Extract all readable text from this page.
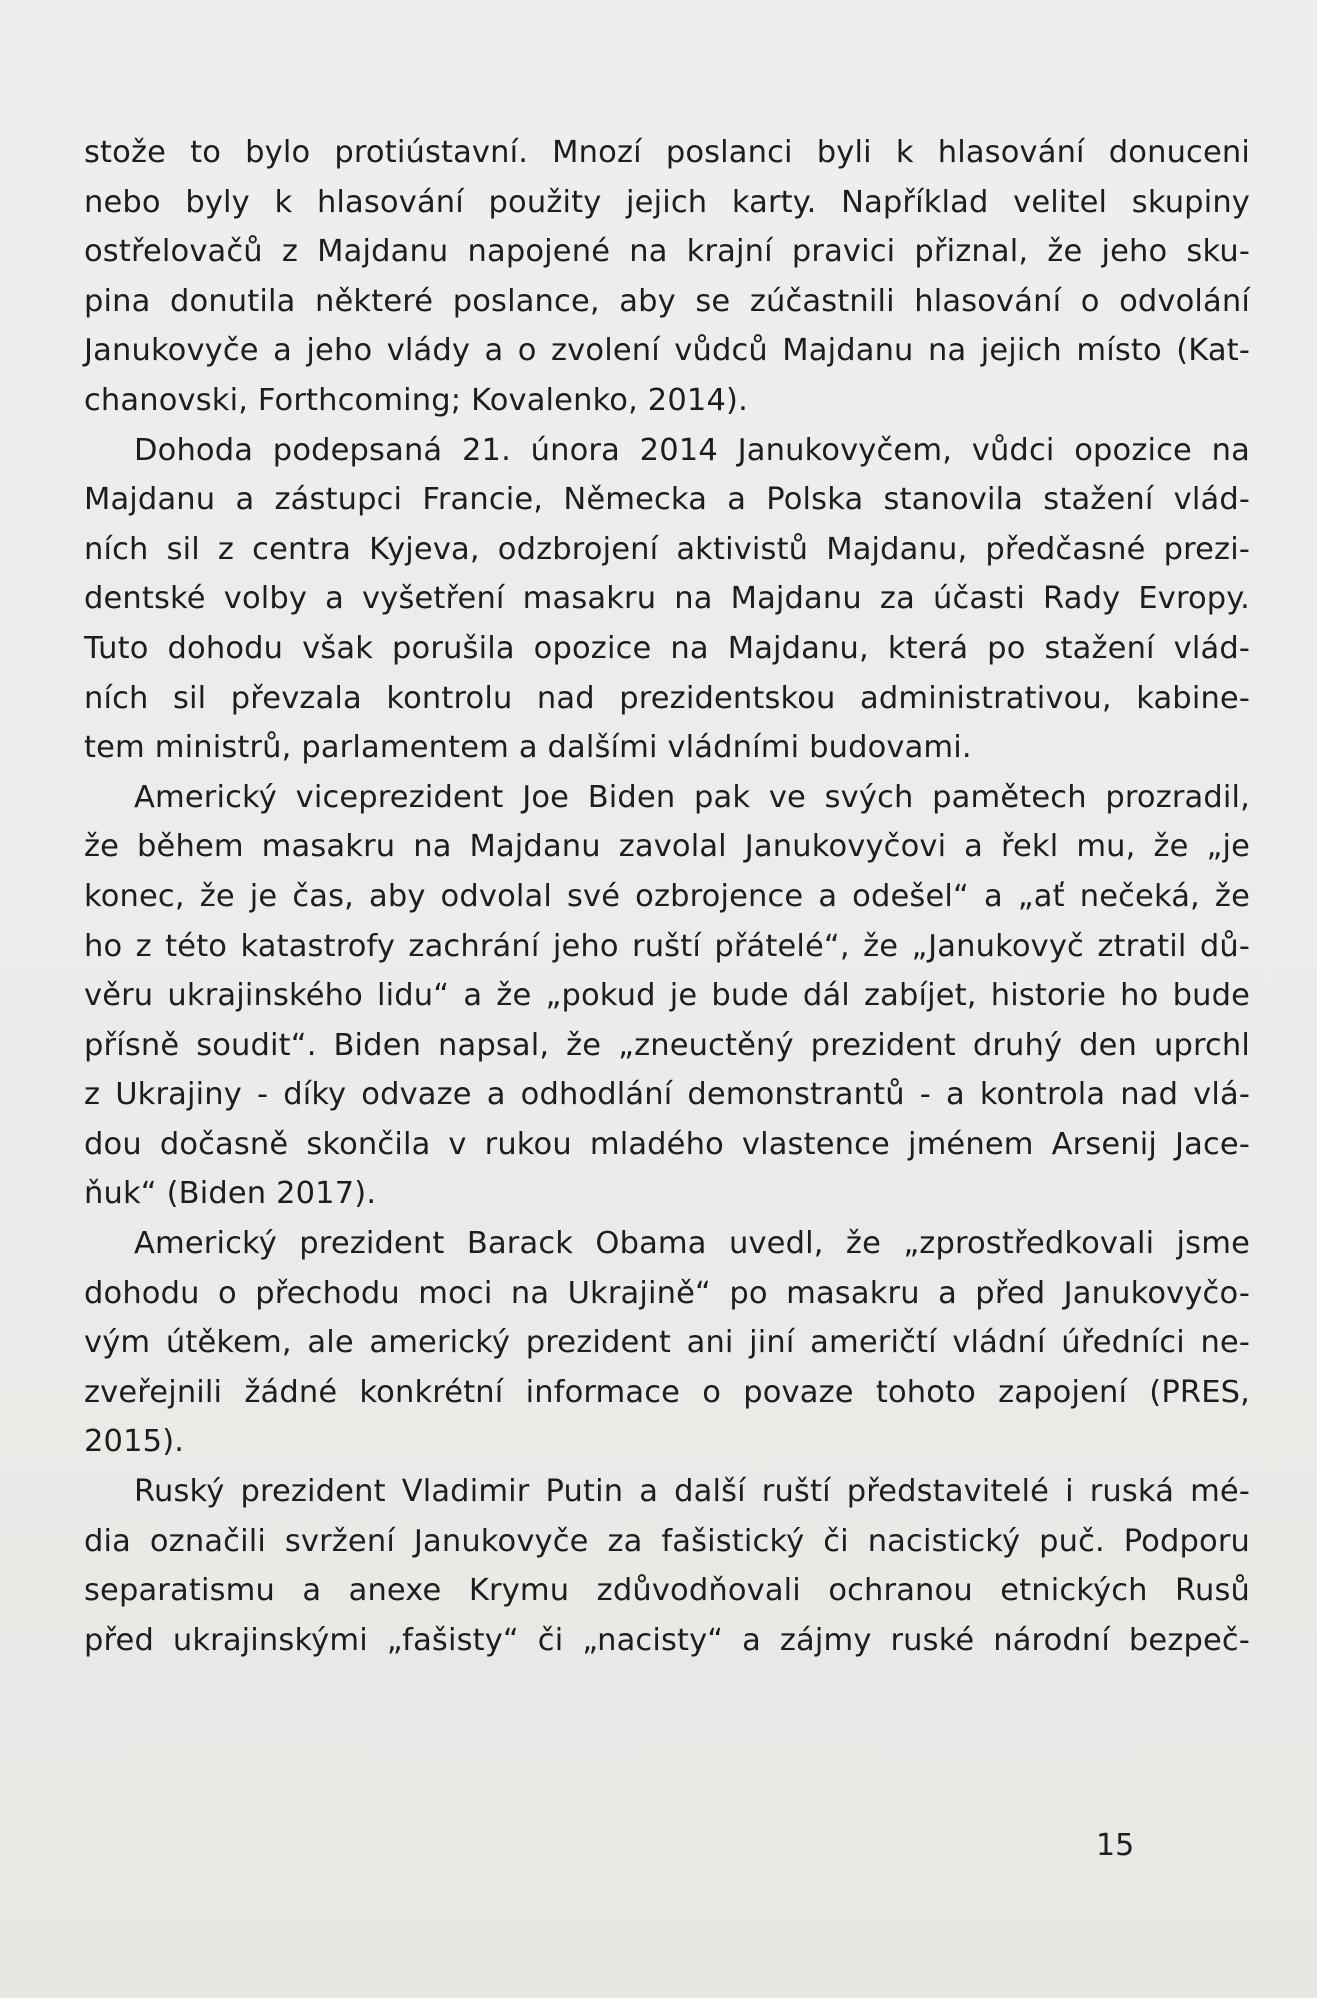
stože to bylo protiústavní. Mnozí poslanci byli k hlasování donuceni
nebo byly k hlasování použity jejich karty. Například velitel skupiny
ostřelovačů z Majdanu napojené na krajní pravici přiznal, že jeho sku-
pina donutila některé poslance, aby se zúčastnili hlasování o odvolání
Janukovyče a jeho vlády a o zvolení vůdců Majdanu na jejich místo (Kat-
chanovski, Forthcoming; Kovalenko, 2014).
Dohoda podepsaná 21. února 2014 Janukovyčem, vůdci opozice na
Majdanu a zástupci Francie, Německa a Polska stanovila stažení vlád-
ních sil z centra Kyjeva, odzbrojení aktivistů Majdanu, předčasné prezi-
dentské volby a vyšetření masakru na Majdanu za účasti Rady Evropy.
Tuto dohodu však porušila opozice na Majdanu, která po stažení vlád-
ních sil převzala kontrolu nad prezidentskou administrativou, kabine-
tem ministrů, parlamentem a dalšími vládními budovami.
Americký viceprezident Joe Biden pak ve svých pamětech prozradil,
že během masakru na Majdanu zavolal Janukovyčovi a řekl mu, že „je
konec, že je čas, aby odvolal své ozbrojence a odešel“ a „ať nečeká, že
ho z této katastrofy zachrání jeho ruští přátelé“, že „Janukovyč ztratil dů-
věru ukrajinského lidu“ a že „pokud je bude dál zabíjet, historie ho bude
přísně soudit“. Biden napsal, že „zneuctěný prezident druhý den uprchl
z Ukrajiny - díky odvaze a odhodlání demonstrantů - a kontrola nad vlá-
dou dočasně skončila v rukou mladého vlastence jménem Arsenij Jace-
ňuk“ (Biden 2017).
Americký prezident Barack Obama uvedl, že „zprostředkovali jsme
dohodu o přechodu moci na Ukrajině“ po masakru a před Janukovyčo-
vým útěkem, ale americký prezident ani jiní američtí vládní úředníci ne-
zveřejnili žádné konkrétní informace o povaze tohoto zapojení (PRES,
2015).
Ruský prezident Vladimir Putin a další ruští představitelé i ruská mé-
dia označili svržení Janukovyče za fašistický či nacistický puč. Podporu
separatismu a anexe Krymu zdůvodňovali ochranou etnických Rusů
před ukrajinskými „fašisty“ či „nacisty“ a zájmy ruské národní bezpeč-
15
